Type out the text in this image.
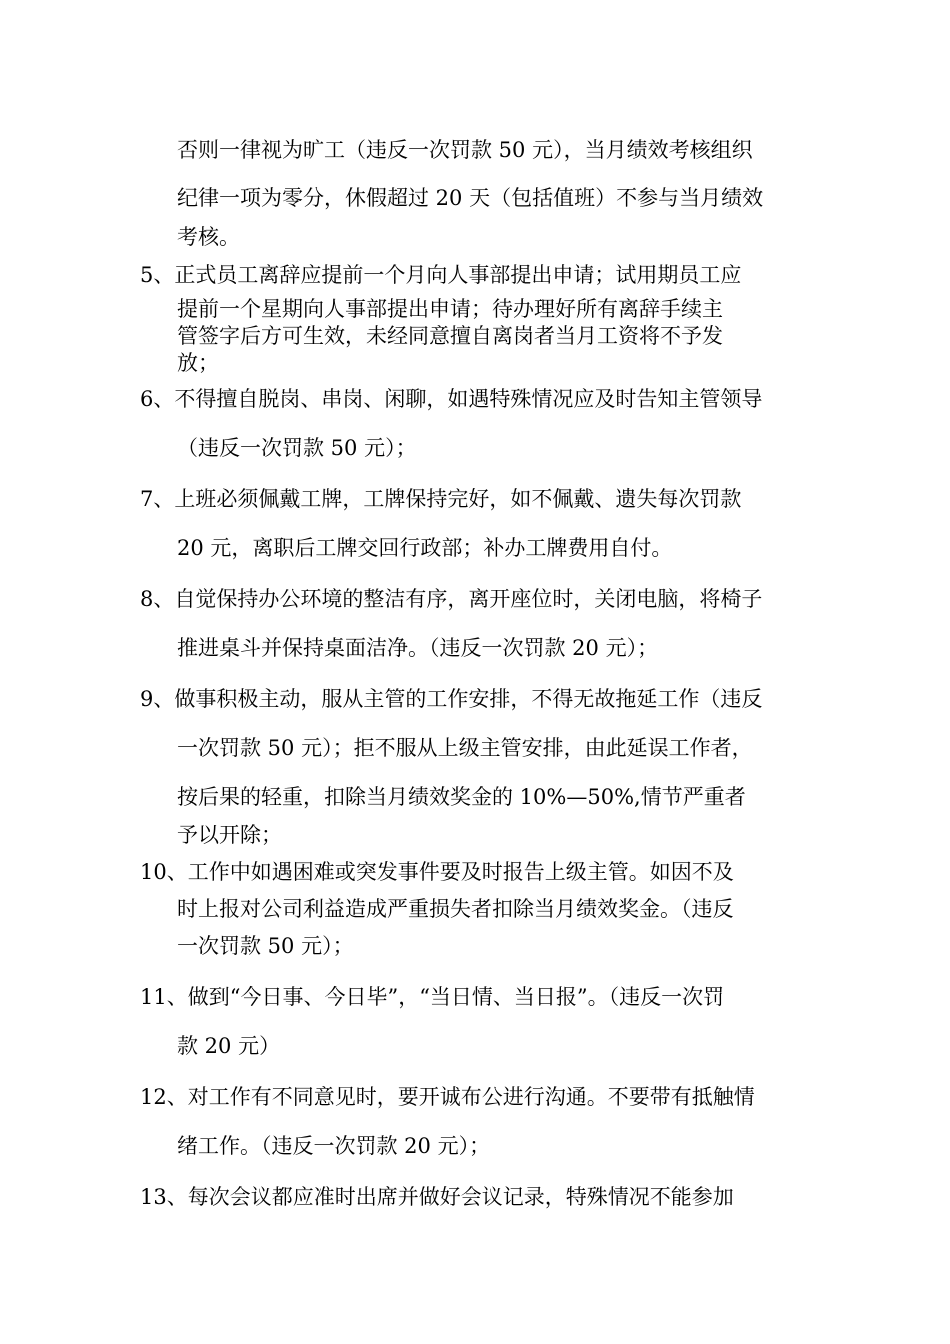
否则一律视为旷工（违反一次罚款 50 元），当月绩效考核组织
纪律一项为零分，休假超过 20 天（包括值班）不参与当月绩效
考核。
5、正式员工离辞应提前一个月向人事部提出申请；试用期员工应
提前一个星期向人事部提出申请；待办理好所有离辞手续主
管签字后方可生效，未经同意擅自离岗者当月工资将不予发
放；
6、不得擅自脱岗、串岗、闲聊，如遇特殊情况应及时告知主管领导
（违反一次罚款 50 元）；
7、上班必须佩戴工牌，工牌保持完好，如不佩戴、遗失每次罚款
20 元，离职后工牌交回行政部；补办工牌费用自付。
8、自觉保持办公环境的整洁有序，离开座位时，关闭电脑，将椅子
推进桌斗并保持桌面洁净。（违反一次罚款 20 元）；
9、做事积极主动，服从主管的工作安排，不得无故拖延工作（违反
一次罚款 50 元）；拒不服从上级主管安排，由此延误工作者，
按后果的轻重，扣除当月绩效奖金的 10%—50%,情节严重者
予以开除；
10、工作中如遇困难或突发事件要及时报告上级主管。如因不及
时上报对公司利益造成严重损失者扣除当月绩效奖金。（违反
一次罚款 50 元）；
11、做到“今日事、今日毕”，“当日情、当日报”。（违反一次罚
款 20 元）
12、对工作有不同意见时，要开诚布公进行沟通。不要带有抵触情
绪工作。（违反一次罚款 20 元）；
13、每次会议都应准时出席并做好会议记录，特殊情况不能参加
